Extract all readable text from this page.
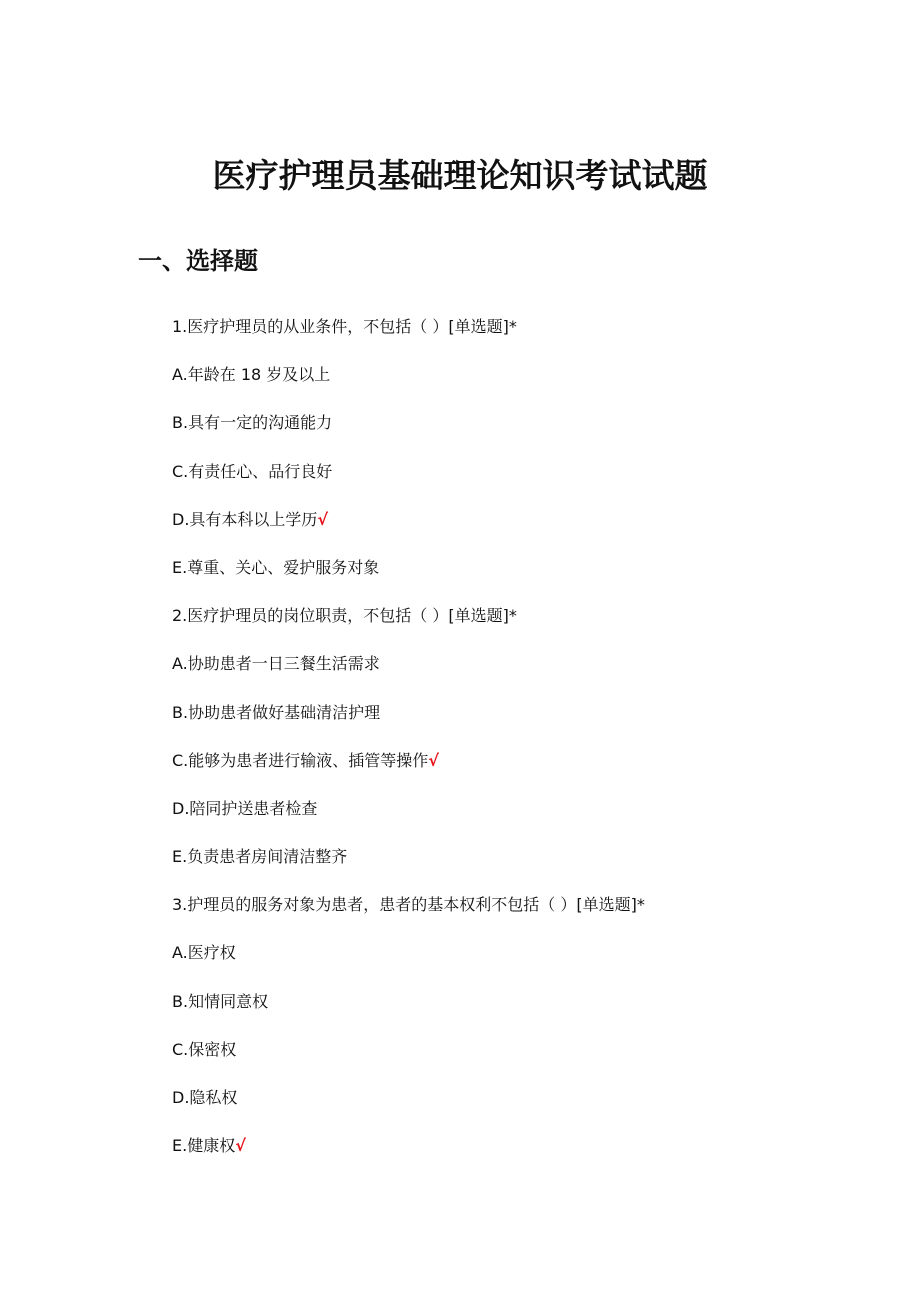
医疗护理员基础理论知识考试试题
一、选择题
1.医疗护理员的从业条件，不包括（ ）[单选题]*
A.年龄在 18 岁及以上
B.具有一定的沟通能力
C.有责任心、品行良好
D.具有本科以上学历√
E.尊重、关心、爱护服务对象
2.医疗护理员的岗位职责，不包括（ ）[单选题]*
A.协助患者一日三餐生活需求
B.协助患者做好基础清洁护理
C.能够为患者进行输液、插管等操作√
D.陪同护送患者检查
E.负责患者房间清洁整齐
3.护理员的服务对象为患者，患者的基本权利不包括（ ）[单选题]*
A.医疗权
B.知情同意权
C.保密权
D.隐私权
E.健康权√
